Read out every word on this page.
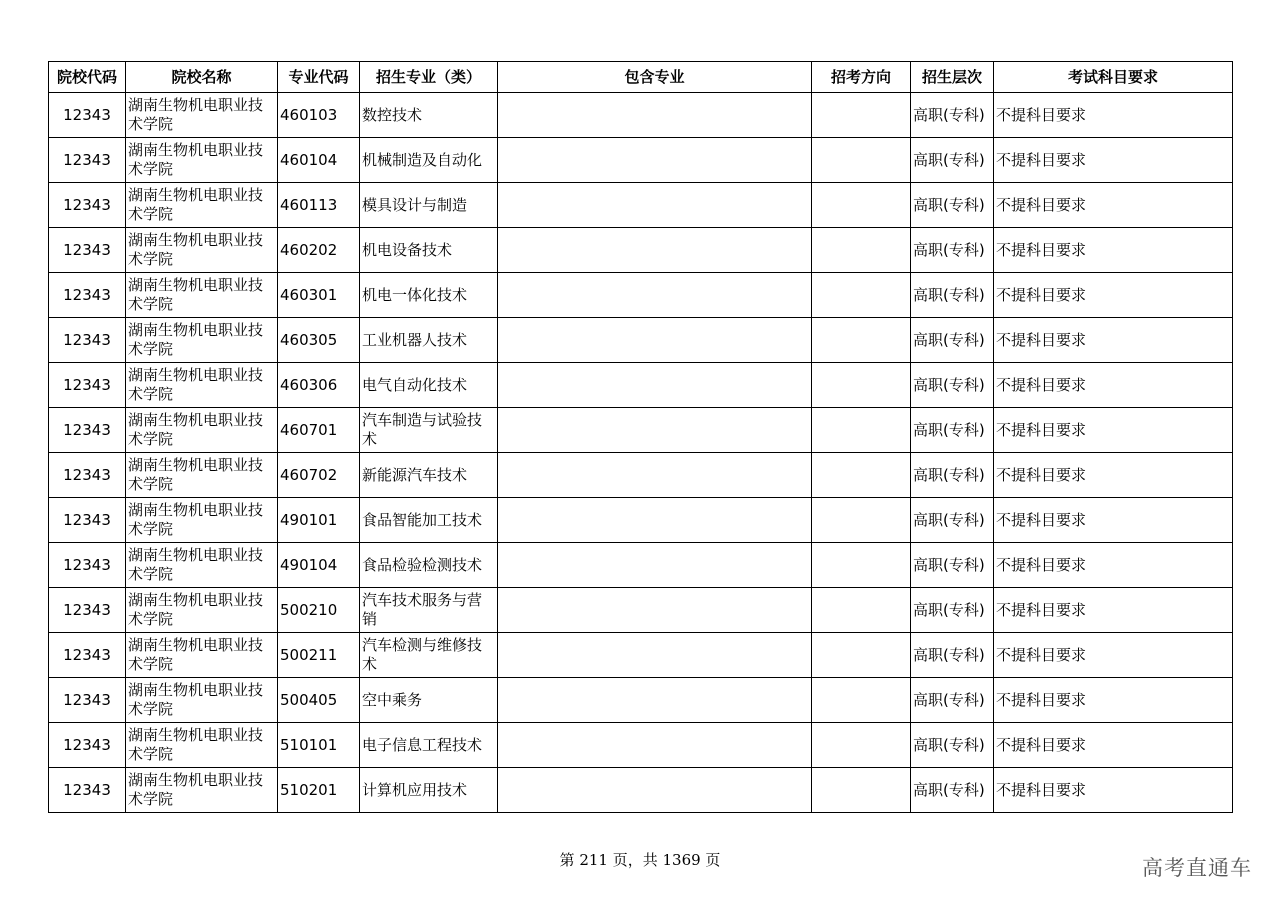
院校代码	院校名称	专业代码	招生专业（类）	包含专业	招考方向	招生层次	考试科目要求
12343	湖南生物机电职业技术学院	460103	数控技术			高职(专科)	不提科目要求
12343	湖南生物机电职业技术学院	460104	机械制造及自动化			高职(专科)	不提科目要求
12343	湖南生物机电职业技术学院	460113	模具设计与制造			高职(专科)	不提科目要求
12343	湖南生物机电职业技术学院	460202	机电设备技术			高职(专科)	不提科目要求
12343	湖南生物机电职业技术学院	460301	机电一体化技术			高职(专科)	不提科目要求
12343	湖南生物机电职业技术学院	460305	工业机器人技术			高职(专科)	不提科目要求
12343	湖南生物机电职业技术学院	460306	电气自动化技术			高职(专科)	不提科目要求
12343	湖南生物机电职业技术学院	460701	汽车制造与试验技术			高职(专科)	不提科目要求
12343	湖南生物机电职业技术学院	460702	新能源汽车技术			高职(专科)	不提科目要求
12343	湖南生物机电职业技术学院	490101	食品智能加工技术			高职(专科)	不提科目要求
12343	湖南生物机电职业技术学院	490104	食品检验检测技术			高职(专科)	不提科目要求
12343	湖南生物机电职业技术学院	500210	汽车技术服务与营销			高职(专科)	不提科目要求
12343	湖南生物机电职业技术学院	500211	汽车检测与维修技术			高职(专科)	不提科目要求
12343	湖南生物机电职业技术学院	500405	空中乘务			高职(专科)	不提科目要求
12343	湖南生物机电职业技术学院	510101	电子信息工程技术			高职(专科)	不提科目要求
12343	湖南生物机电职业技术学院	510201	计算机应用技术			高职(专科)	不提科目要求
第 211 页，共 1369 页	高考直通车
